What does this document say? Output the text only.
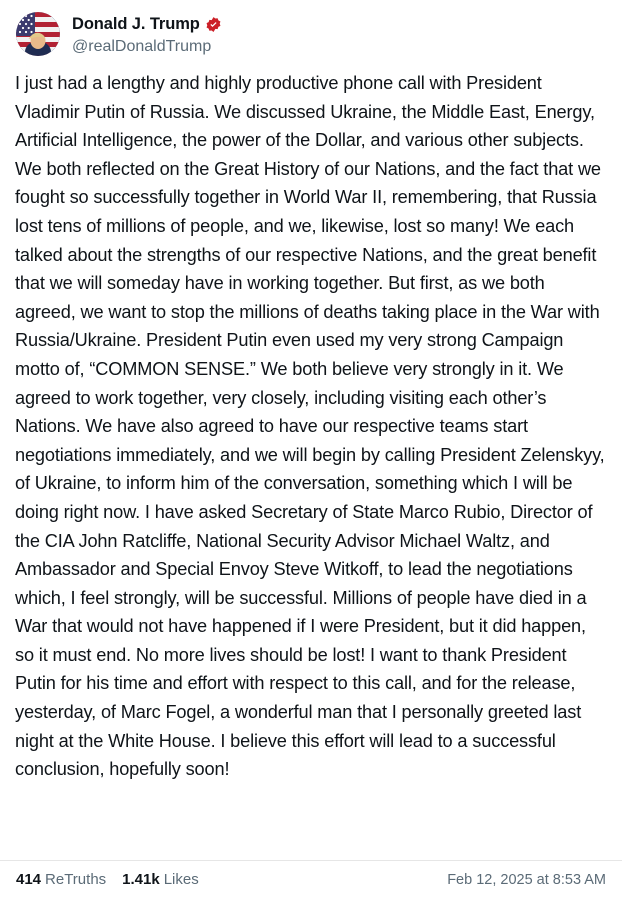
Donald J. Trump
@realDonaldTrump

I just had a lengthy and highly productive phone call with President Vladimir Putin of Russia. We discussed Ukraine, the Middle East, Energy, Artificial Intelligence, the power of the Dollar, and various other subjects. We both reflected on the Great History of our Nations, and the fact that we fought so successfully together in World War II, remembering, that Russia lost tens of millions of people, and we, likewise, lost so many! We each talked about the strengths of our respective Nations, and the great benefit that we will someday have in working together. But first, as we both agreed, we want to stop the millions of deaths taking place in the War with Russia/Ukraine. President Putin even used my very strong Campaign motto of, “COMMON SENSE.” We both believe very strongly in it. We agreed to work together, very closely, including visiting each other’s Nations. We have also agreed to have our respective teams start negotiations immediately, and we will begin by calling President Zelenskyy, of Ukraine, to inform him of the conversation, something which I will be doing right now. I have asked Secretary of State Marco Rubio, Director of the CIA John Ratcliffe, National Security Advisor Michael Waltz, and Ambassador and Special Envoy Steve Witkoff, to lead the negotiations which, I feel strongly, will be successful. Millions of people have died in a War that would not have happened if I were President, but it did happen, so it must end. No more lives should be lost! I want to thank President Putin for his time and effort with respect to this call, and for the release, yesterday, of Marc Fogel, a wonderful man that I personally greeted last night at the White House. I believe this effort will lead to a successful conclusion, hopefully soon!

414 ReTruths 1.41k Likes	Feb 12, 2025 at 8:53 AM
